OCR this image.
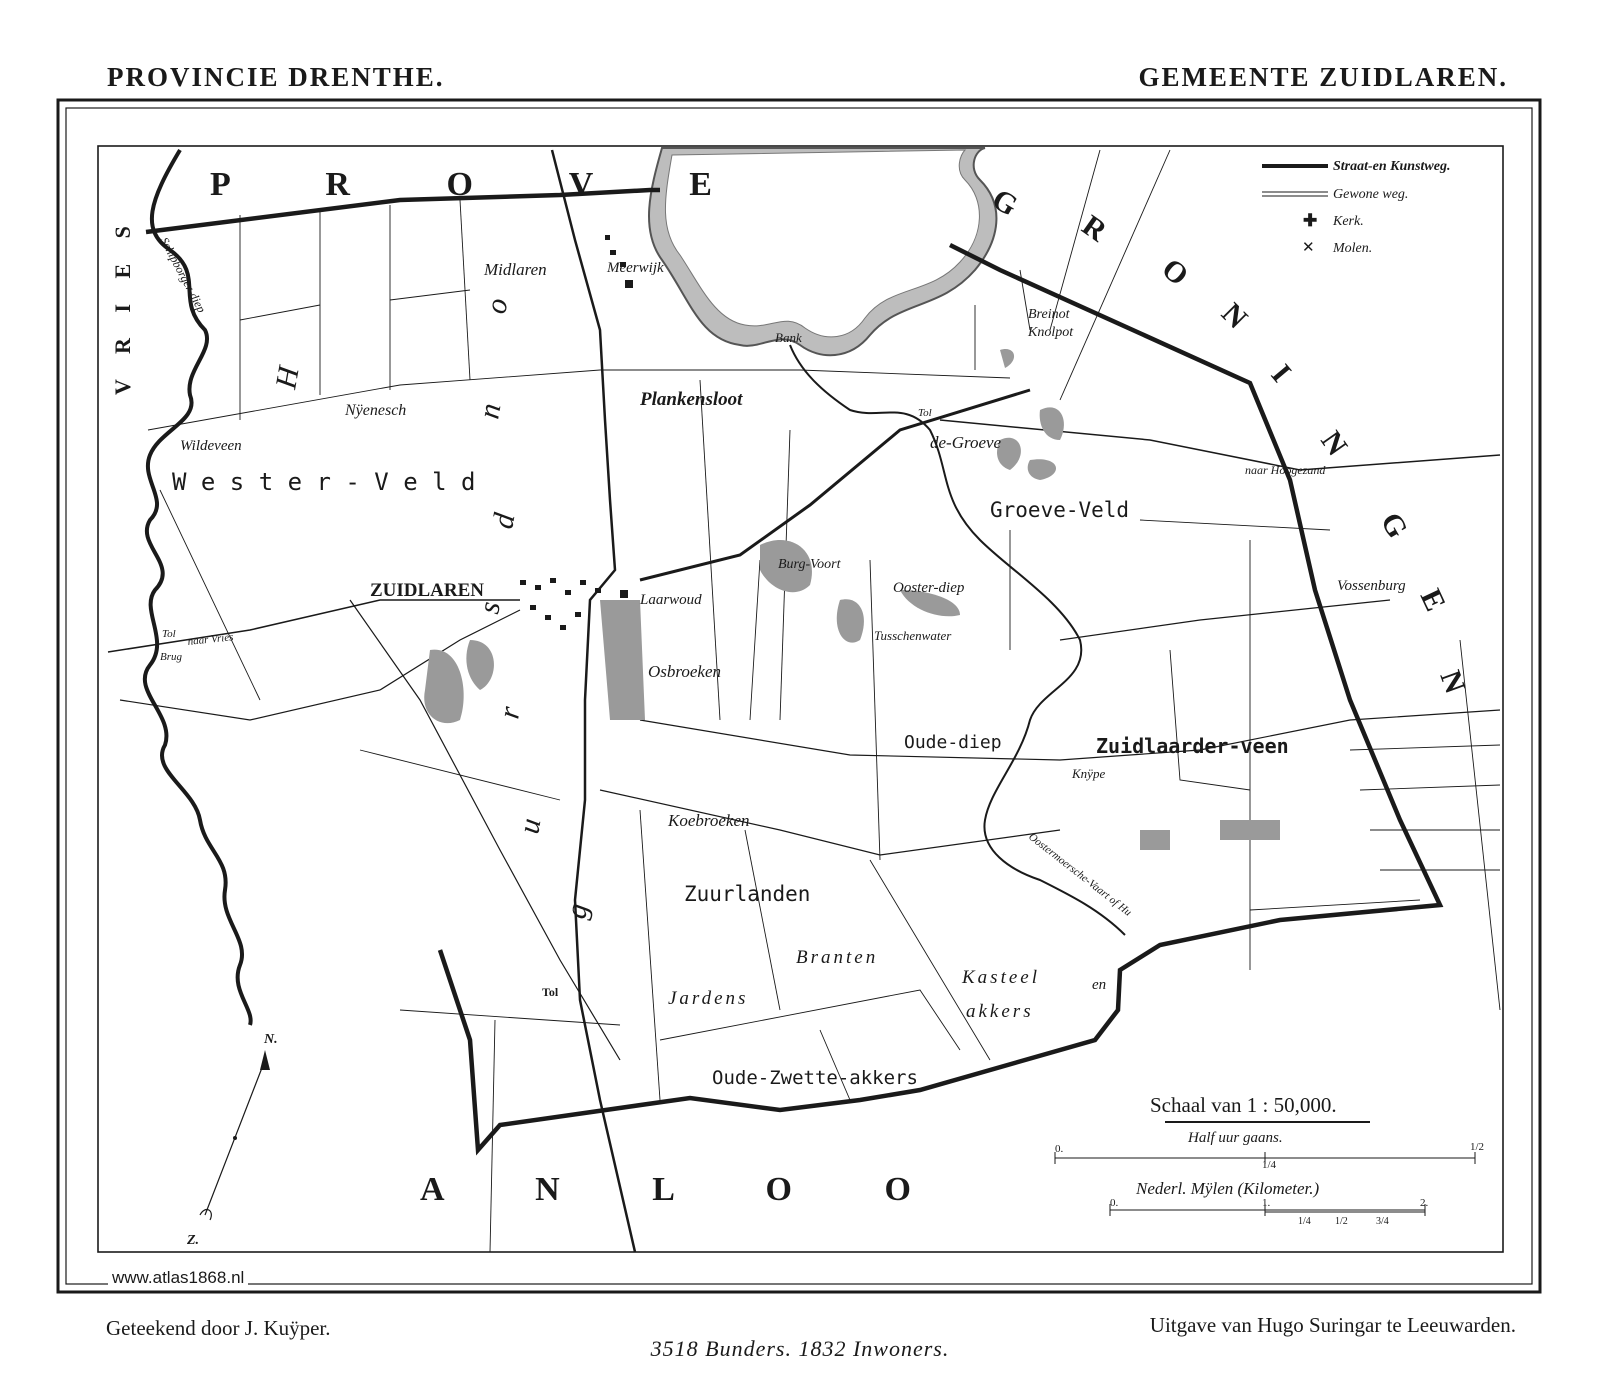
PROVINCIE DRENTHE.	GEMEENTE ZUIDLAREN.
P R O V E
A N L O O
V R I E S
G
R
O
N
I
N
G
E
N
H
o
n
d
s
r
u
g
Midlaren	Meerwijk
Plankensloot
Nÿenesch
Wildeveen
W e s t e r - V e l d
ZUIDLAREN	Laarwoud
Osbroeken
Burg-Voort
Ooster-diep
Tusschenwater
de-Groeve
Groeve-Veld
Breinot
Knolpot
Bank
Tol
naar Hoogezand
Vossenburg
Oude-diep	Zuidlaarder-veen
Knÿpe
Koebroeken
Zuurlanden
Branten
Jardens
Kasteel	en
akkers
Oude-Zwette-akkers
Oostermoersche-Vaart of Hu
Tol
Tol
Brug
naar Vries
Schipborger-diep
✚
✕
Straat-en Kunstweg.
Gewone weg.
Kerk.
Molen.
N.
Z.
Schaal van 1 : 50,000.
Half uur gaans.
0.
1/4
1/2
Nederl. Mÿlen (Kilometer.)
0.
1/4 1/2	3/4
1.	2.
www.atlas1868.nl
Geteekend door J. Kuÿper.	Uitgave van Hugo Suringar te Leeuwarden.
3518 Bunders. 1832 Inwoners.
